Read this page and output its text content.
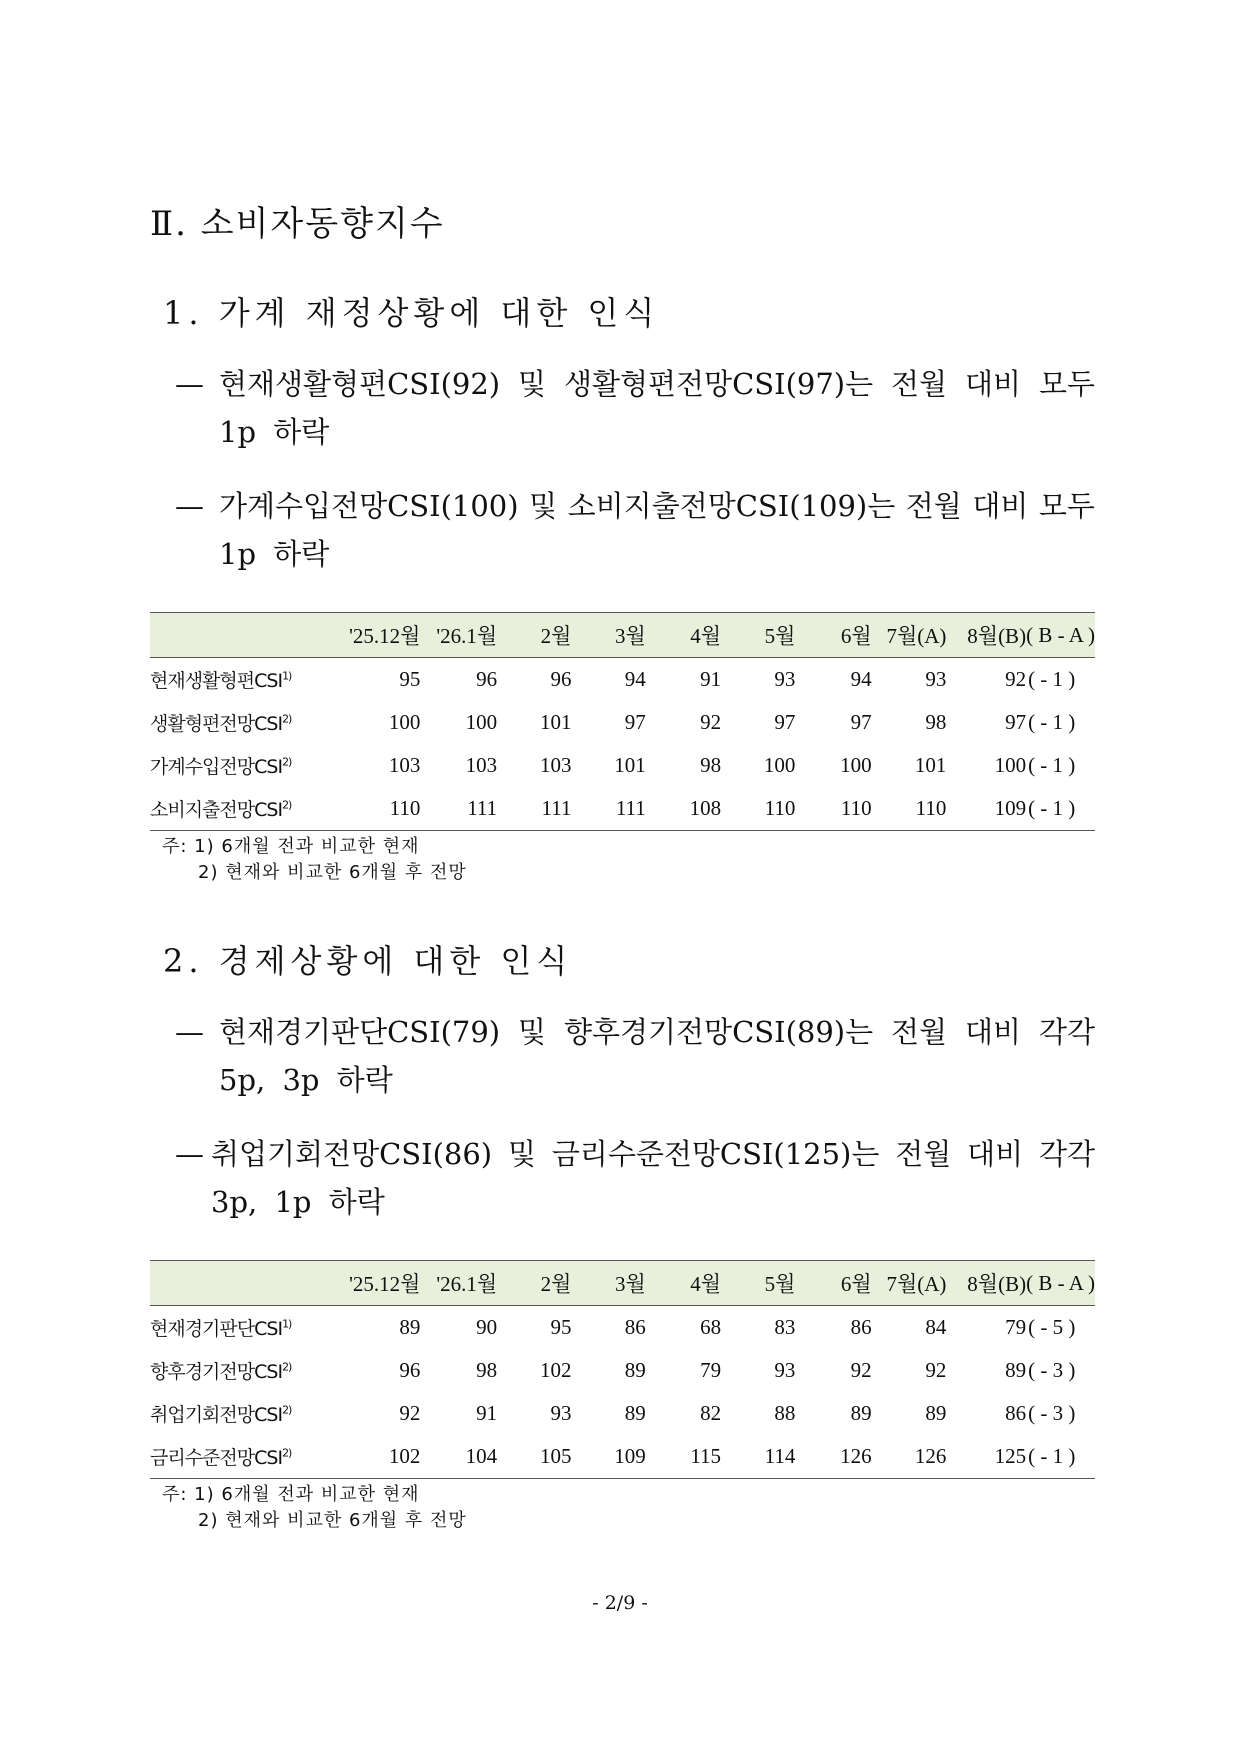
Ⅱ. 소비자동향지수
1. 가계 재정상황에 대한 인식
— 현재생활형편CSI(92) 및 생활형편전망CSI(97)는 전월 대비 모두
1p 하락
— 가계수입전망CSI(100) 및 소비지출전망CSI(109)는 전월 대비 모두
1p 하락
	'25.12월	'26.1월	2월	3월	4월	5월	6월	7월(A)	8월(B)	( B - A )
현재생활형편CSI$^{1)}$	95	96	96	94	91	93	94	93	92	( - 1 )
생활형편전망CSI$^{2)}$	100	100	101	97	92	97	97	98	97	( - 1 )
가계수입전망CSI$^{2)}$	103	103	103	101	98	100	100	101	100	( - 1 )
소비지출전망CSI$^{2)}$	110	111	111	111	108	110	110	110	109	( - 1 )
주: 1) 6개월 전과 비교한 현재
2) 현재와 비교한 6개월 후 전망
2. 경제상황에 대한 인식
— 현재경기판단CSI(79) 및 향후경기전망CSI(89)는 전월 대비 각각
5p, 3p 하락
— 취업기회전망CSI(86) 및 금리수준전망CSI(125)는 전월 대비 각각
3p, 1p 하락
	'25.12월	'26.1월	2월	3월	4월	5월	6월	7월(A)	8월(B)	( B - A )
현재경기판단CSI$^{1)}$	89	90	95	86	68	83	86	84	79	( - 5 )
향후경기전망CSI$^{2)}$	96	98	102	89	79	93	92	92	89	( - 3 )
취업기회전망CSI$^{2)}$	92	91	93	89	82	88	89	89	86	( - 3 )
금리수준전망CSI$^{2)}$	102	104	105	109	115	114	126	126	125	( - 1 )
주: 1) 6개월 전과 비교한 현재
2) 현재와 비교한 6개월 후 전망
- 2/9 -
